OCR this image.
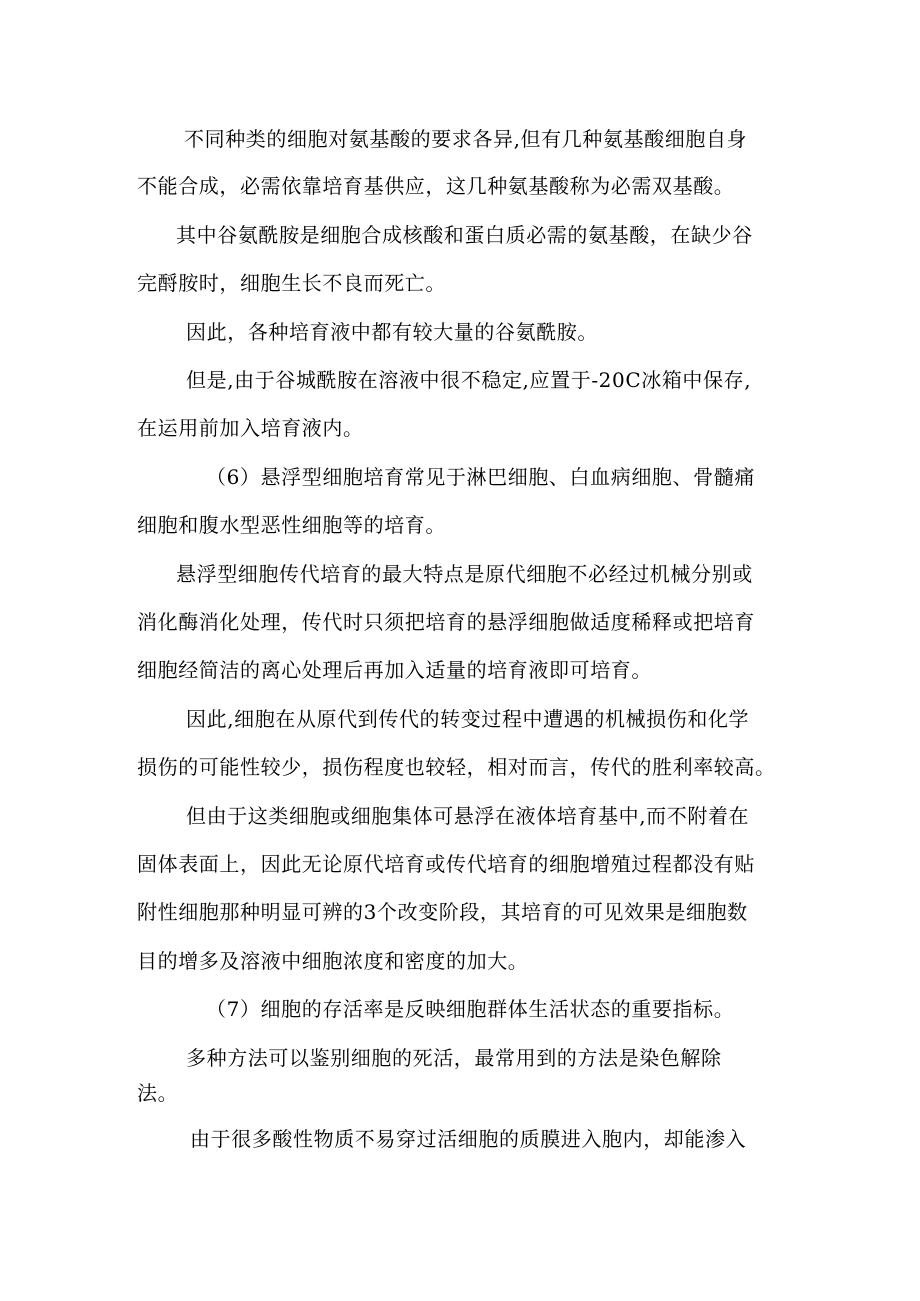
不同种类的细胞对氨基酸的要求各异,但有几种氨基酸细胞自身
不能合成，必需依靠培育基供应，这几种氨基酸称为必需双基酸。
其中谷氨酰胺是细胞合成核酸和蛋白质必需的氨基酸，在缺少谷
完酹胺时，细胞生长不良而死亡。
因此，各种培育液中都有较大量的谷氨酰胺。
但是,由于谷城酰胺在溶液中很不稳定,应置于-20C冰箱中保存,
在运用前加入培育液内。
（6）悬浮型细胞培育常见于淋巴细胞、白血病细胞、骨髓痛
细胞和腹水型恶性细胞等的培育。
悬浮型细胞传代培育的最大特点是原代细胞不必经过机械分别或
消化酶消化处理，传代时只须把培育的悬浮细胞做适度稀释或把培育
细胞经简洁的离心处理后再加入适量的培育液即可培育。
因此,细胞在从原代到传代的转变过程中遭遇的机械损伤和化学
损伤的可能性较少，损伤程度也较轻，相对而言，传代的胜利率较高。
但由于这类细胞或细胞集体可悬浮在液体培育基中,而不附着在
固体表面上，因此无论原代培育或传代培育的细胞增殖过程都没有贴
附性细胞那种明显可辨的3个改变阶段，其培育的可见效果是细胞数
目的增多及溶液中细胞浓度和密度的加大。
（7）细胞的存活率是反映细胞群体生活状态的重要指标。
多种方法可以鉴别细胞的死活，最常用到的方法是染色解除
法。
由于很多酸性物质不易穿过活细胞的质膜进入胞内，却能渗入
